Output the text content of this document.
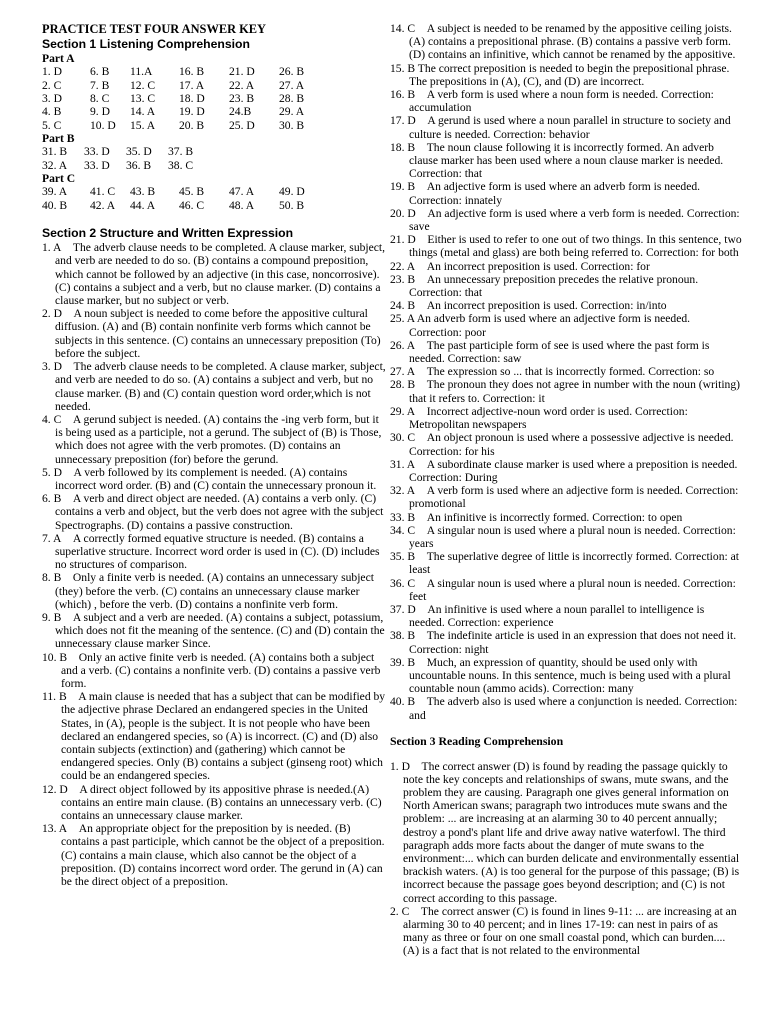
PRACTICE TEST FOUR ANSWER KEY

Section 1 Listening Comprehension

Part A
1. D	6. B	11.A	16. B	21. D	26. B
2. C	7. B	12. C	17. A	22. A	27. A
3. D	8. C	13. C	18. D	23. B	28. B
4. B	9. D	14. A	19. D	24.B	29. A
5. C	10. D	15. A	20. B	25. D	30. B
Part B
31. B	33. D	35. D	37. B
32. A	33. D	36. B	38. C
Part C
39. A	41. C	43. B	45. B	47. A	49. D
40. B	42. A	44. A	46. C	48. A	50. B

Section 2 Structure and Written Expression

1. A The adverb clause needs to be completed. A clause marker, subject, and verb are needed to do so. (B) contains a compound preposition, which cannot be followed by an adjective (in this case, noncorrosive). (C) contains a subject and a verb, but no clause marker. (D) contains a clause marker, but no subject or verb.

2. D A noun subject is needed to come before the appositive cultural diffusion. (A) and (B) contain nonfinite verb forms which cannot be subjects in this sentence. (C) contains an unnecessary preposition (To) before the subject.

3. D The adverb clause needs to be completed. A clause marker, subject, and verb are needed to do so. (A) contains a subject and verb, but no clause marker. (B) and (C) contain question word order,which is not needed.

4. C A gerund subject is needed. (A) contains the -ing verb form, but it is being used as a participle, not a gerund. The subject of (B) is Those, which does not agree with the verb promotes. (D) contains an unnecessary preposition (for) before the gerund.

5. D A verb followed by its complement is needed. (A) contains incorrect word order. (B) and (C) contain the unnecessary pronoun it.

6. B A verb and direct object are needed. (A) contains a verb only. (C) contains a verb and object, but the verb does not agree with the subject Spectrographs. (D) contains a passive construction.

7. A A correctly formed equative structure is needed. (B) contains a superlative structure. Incorrect word order is used in (C). (D) includes no structures of comparison.

8. B Only a finite verb is needed. (A) contains an unnecessary subject (they) before the verb. (C) contains an unnecessary clause marker (which) , before the verb. (D) contains a nonfinite verb form.

9. B A subject and a verb are needed. (A) contains a subject, potassium, which does not fit the meaning of the sentence. (C) and (D) contain the unnecessary clause marker Since.

10. B Only an active finite verb is needed. (A) contains both a subject and a verb. (C) contains a nonfinite verb. (D) contains a passive verb form.

11. B A main clause is needed that has a subject that can be modified by the adjective phrase Declared an endangered species in the United States, in (A), people is the subject. It is not people who have been declared an endangered species, so (A) is incorrect. (C) and (D) also contain subjects (extinction) and (gathering) which cannot be endangered species. Only (B) contains a subject (ginseng root) which could be an endangered species.

12. D A direct object followed by its appositive phrase is needed.(A) contains an entire main clause. (B) contains an unnecessary verb. (C) contains an unnecessary clause marker.

13. A An appropriate object for the preposition by is needed. (B) contains a past participle, which cannot be the object of a preposition. (C) contains a main clause, which also cannot be the object of a preposition. (D) contains incorrect word order. The gerund in (A) can be the direct object of a preposition.

14. C A subject is needed to be renamed by the appositive ceiling joists. (A) contains a prepositional phrase. (B) contains a passive verb form. (D) contains an infinitive, which cannot be renamed by the appositive.

15. B The correct preposition is needed to begin the prepositional phrase. The prepositions in (A), (C), and (D) are incorrect.

16. B A verb form is used where a noun form is needed. Correction: accumulation

17. D A gerund is used where a noun parallel in structure to society and culture is needed. Correction: behavior

18. B The noun clause following it is incorrectly formed. An adverb clause marker has been used where a noun clause marker is needed. Correction: that

19. B An adjective form is used where an adverb form is needed. Correction: innately

20. D An adjective form is used where a verb form is needed. Correction: save

21. D Either is used to refer to one out of two things. In this sentence, two things (metal and glass) are both being referred to. Correction: for both

22. A An incorrect preposition is used. Correction: for

23. B An unnecessary preposition precedes the relative pronoun. Correction: that

24. B An incorrect preposition is used. Correction: in/into

25. A An adverb form is used where an adjective form is needed. Correction: poor

26. A The past participle form of see is used where the past form is needed. Correction: saw

27. A The expression so ... that is incorrectly formed. Correction: so

28. B The pronoun they does not agree in number with the noun (writing) that it refers to. Correction: it

29. A Incorrect adjective-noun word order is used. Correction: Metropolitan newspapers

30. C An object pronoun is used where a possessive adjective is needed. Correction: for his

31. A A subordinate clause marker is used where a preposition is needed. Correction: During

32. A A verb form is used where an adjective form is needed. Correction: promotional

33. B An infinitive is incorrectly formed. Correction: to open

34. C A singular noun is used where a plural noun is needed. Correction: years

35. B The superlative degree of little is incorrectly formed. Correction: at least

36. C A singular noun is used where a plural noun is needed. Correction: feet

37. D An infinitive is used where a noun parallel to intelligence is needed. Correction: experience

38. B The indefinite article is used in an expression that does not need it. Correction: night

39. B Much, an expression of quantity, should be used only with uncountable nouns. In this sentence, much is being used with a plural countable noun (ammo acids). Correction: many

40. B The adverb also is used where a conjunction is needed. Correction: and

Section 3 Reading Comprehension

1. D The correct answer (D) is found by reading the passage quickly to note the key concepts and relationships of swans, mute swans, and the problem they are causing. Paragraph one gives general information on North American swans; paragraph two introduces mute swans and the problem: ... are increasing at an alarming 30 to 40 percent annually; destroy a pond's plant life and drive away native waterfowl. The third paragraph adds more facts about the danger of mute swans to the environment:... which can burden delicate and environmentally essential brackish waters. (A) is too general for the purpose of this passage; (B) is incorrect because the passage goes beyond description; and (C) is not correct according to this passage.

2. C The correct answer (C) is found in lines 9-11: ... are increasing at an alarming 30 to 40 percent; and in lines 17-19: can nest in pairs of as many as three or four on one small coastal pond, which can burden.... (A) is a fact that is not related to the environmental
